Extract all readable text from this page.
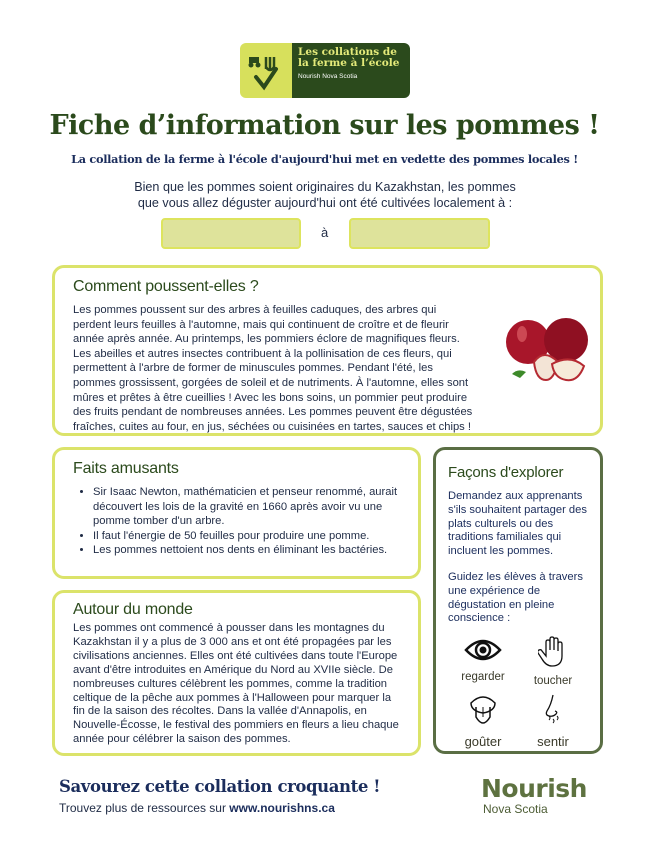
Les collations de la ferme à l’école
Nourish Nova Scotia
Fiche d’information sur les pommes !
La collation de la ferme à l'école d'aujourd'hui met en vedette des pommes locales !
Bien que les pommes soient originaires du Kazakhstan, les pommes
que vous allez déguster aujourd'hui ont été cultivées localement à :
à
Comment poussent-elles ?

Les pommes poussent sur des arbres à feuilles caduques, des arbres qui perdent leurs feuilles à l'automne, mais qui continuent de croître et de fleurir année après année. Au printemps, les pommiers éclore de magnifiques fleurs. Les abeilles et autres insectes contribuent à la pollinisation de ces fleurs, qui permettent à l'arbre de former de minuscules pommes. Pendant l'été, les pommes grossissent, gorgées de soleil et de nutriments. À l'automne, elles sont mûres et prêtes à être cueillies ! Avec les bons soins, un pommier peut produire des fruits pendant de nombreuses années. Les pommes peuvent être dégustées fraîches, cuites au four, en jus, séchées ou cuisinées en tartes, sauces et chips !

Faits amusants
• Sir Isaac Newton, mathématicien et penseur renommé, aurait découvert les lois de la gravité en 1660 après avoir vu une pomme tomber d'un arbre.
• Il faut l'énergie de 50 feuilles pour produire une pomme.
• Les pommes nettoient nos dents en éliminant les bactéries.
Autour du monde

Les pommes ont commencé à pousser dans les montagnes du Kazakhstan il y a plus de 3 000 ans et ont été propagées par les civilisations anciennes. Elles ont été cultivées dans toute l'Europe avant d'être introduites en Amérique du Nord au XVIIe siècle. De nombreuses cultures célèbrent les pommes, comme la tradition celtique de la pêche aux pommes à l'Halloween pour marquer la fin de la saison des récoltes. Dans la vallée d'Annapolis, en Nouvelle-Écosse, le festival des pommiers en fleurs a lieu chaque année pour célébrer la saison des pommes.

Façons d'explorer

Demandez aux apprenants s'ils souhaitent partager des plats culturels ou des traditions familiales qui incluent les pommes.

Guidez les élèves à travers une expérience de dégustation en pleine conscience :

regarder	toucher
goûter	sentir
Savourez cette collation croquante !
Trouvez plus de ressources sur www.nourishns.ca
Nourish
Nova Scotia
